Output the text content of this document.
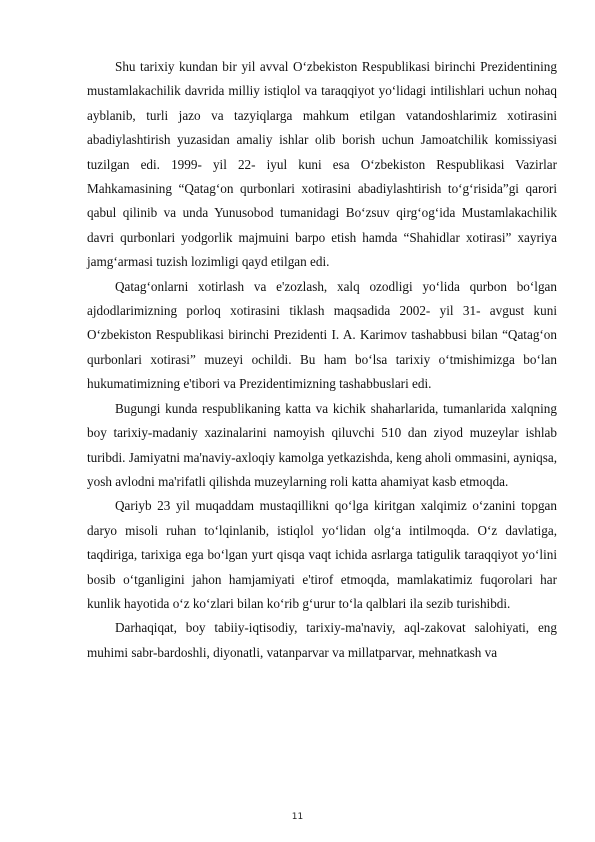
Shu tarixiy kundan bir yil avval O‘zbekiston Respublikasi birinchi Prezidentining mustamlakachilik davrida milliy istiqlol va taraqqiyot yo‘lidagi intilishlari uchun nohaq ayblanib, turli jazo va tazyiqlarga mahkum etilgan vatandoshlarimiz xotirasini abadiylashtirish yuzasidan amaliy ishlar olib borish uchun Jamoatchilik komissiyasi tuzilgan edi. 1999- yil 22- iyul kuni esa O‘zbekiston Respublikasi Vazirlar Mahkamasining “Qatag‘on qurbonlari xotirasini abadiylashtirish to‘g‘risida”gi qarori qabul qilinib va unda Yunusobod tumanidagi Bo‘zsuv qirg‘og‘ida Mustamlakachilik davri qurbonlari yodgorlik majmuini barpo etish hamda “Shahidlar xotirasi” xayriya jamg‘armasi tuzish lozimligi qayd etilgan edi.

Qatag‘onlarni xotirlash va e'zozlash, xalq ozodligi yo‘lida qurbon bo‘lgan ajdodlarimizning porloq xotirasini tiklash maqsadida 2002- yil 31- avgust kuni O‘zbekiston Respublikasi birinchi Prezidenti I. A. Karimov tashabbusi bilan “Qatag‘on qurbonlari xotirasi” muzeyi ochildi. Bu ham bo‘lsa tarixiy o‘tmishimizga bo‘lan hukumatimizning e'tibori va Prezidentimizning tashabbuslari edi.

Bugungi kunda respublikaning katta va kichik shaharlarida, tumanlarida xalqning boy tarixiy-madaniy xazinalarini namoyish qiluvchi 510 dan ziyod muzeylar ishlab turibdi. Jamiyatni ma'naviy-axloqiy kamolga yetkazishda, keng aholi ommasini, ayniqsa, yosh avlodni ma'rifatli qilishda muzeylarning roli katta ahamiyat kasb etmoqda.

Qariyb 23 yil muqaddam mustaqillikni qo‘lga kiritgan xalqimiz o‘zanini topgan daryo misoli ruhan to‘lqinlanib, istiqlol yo‘lidan olg‘a intilmoqda. O‘z davlatiga, taqdiriga, tarixiga ega bo‘lgan yurt qisqa vaqt ichida asrlarga tatigulik taraqqiyot yo‘lini bosib o‘tganligini jahon hamjamiyati e'tirof etmoqda, mamlakatimiz fuqorolari har kunlik hayotida o‘z ko‘zlari bilan ko‘rib g‘urur to‘la qalblari ila sezib turishibdi.

Darhaqiqat, boy tabiiy-iqtisodiy, tarixiy-ma'naviy, aql-zakovat salohiyati, eng muhimi sabr-bardoshli, diyonatli, vatanparvar va millatparvar, mehnatkash va

11
